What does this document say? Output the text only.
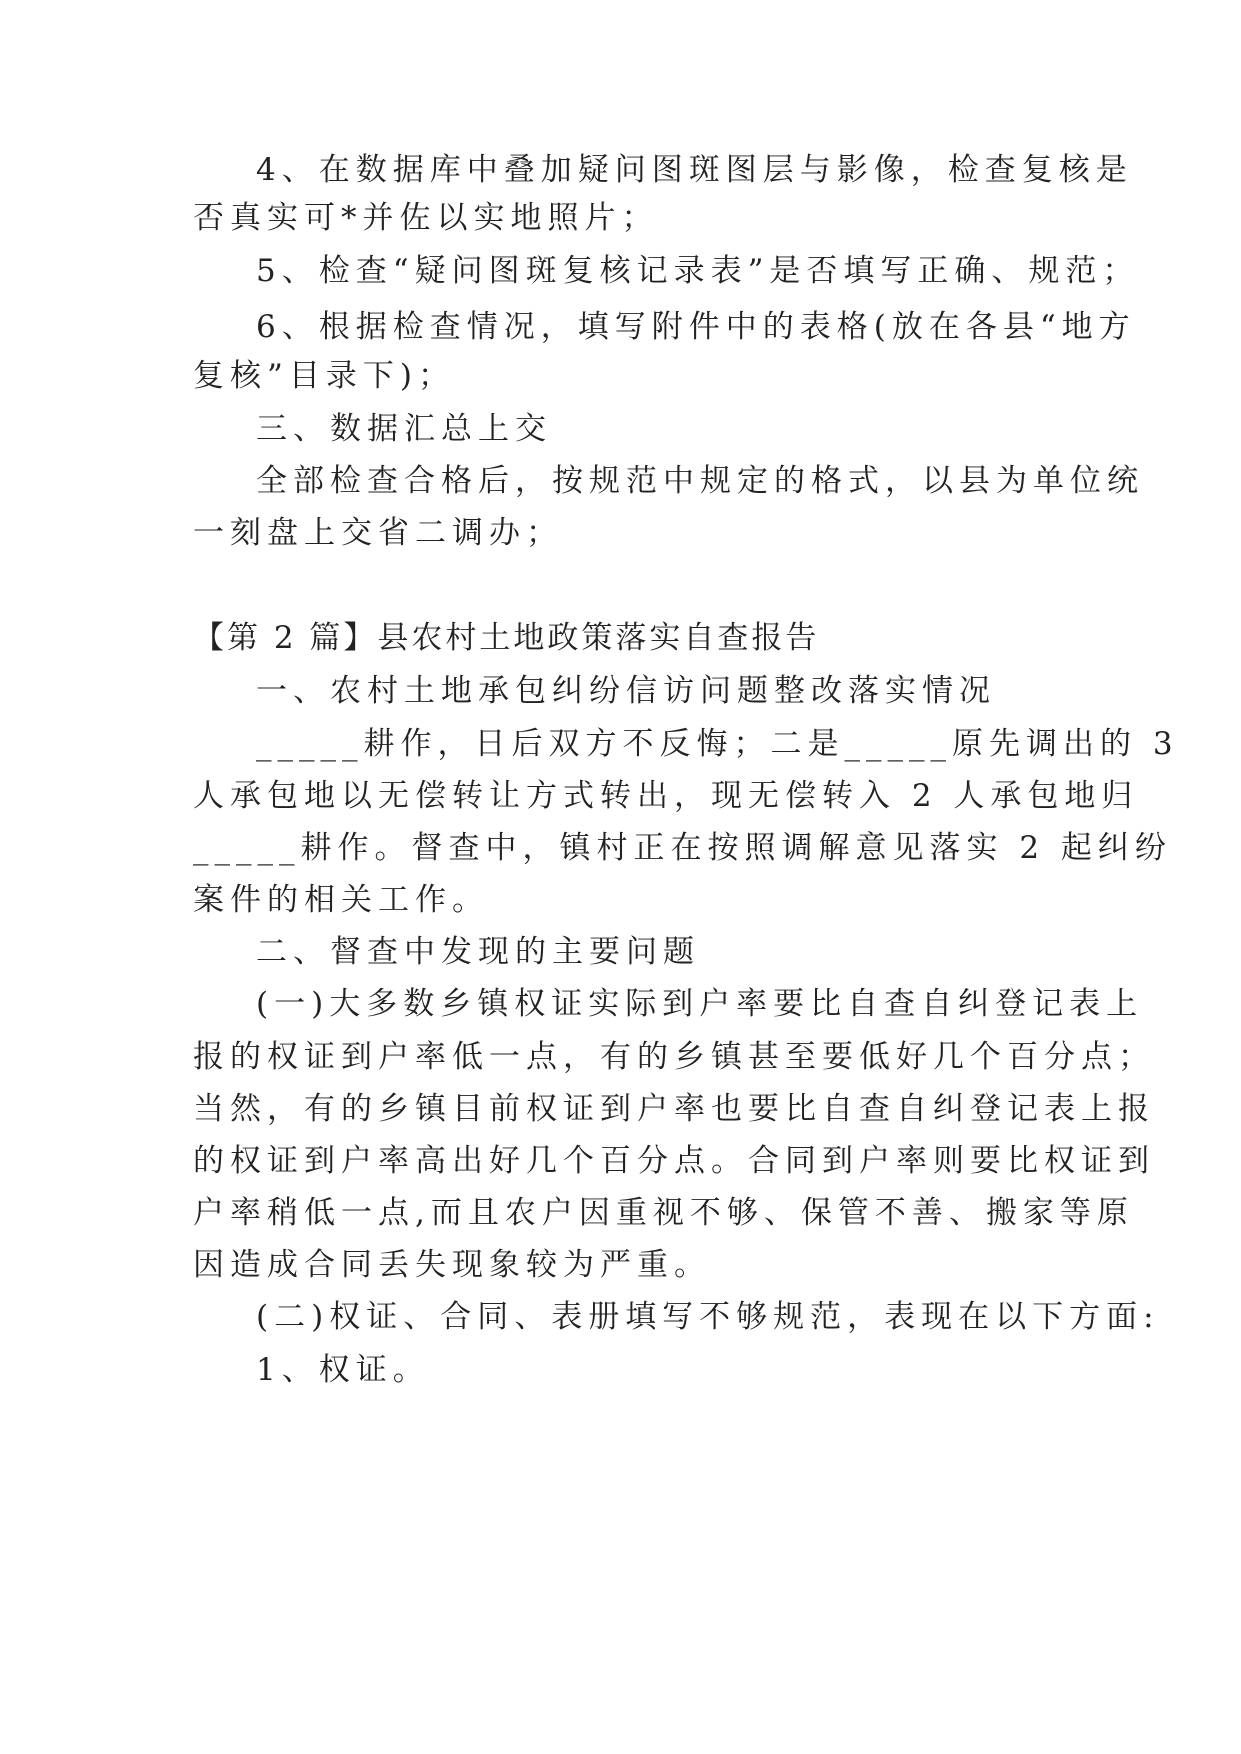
4、在数据库中叠加疑问图斑图层与影像，检查复核是
否真实可*并佐以实地照片；
5、检查“疑问图斑复核记录表”是否填写正确、规范；
6、根据检查情况，填写附件中的表格(放在各县“地方
复核”目录下)；
三、数据汇总上交
全部检查合格后，按规范中规定的格式，以县为单位统
一刻盘上交省二调办；
【第 2 篇】县农村土地政策落实自查报告
一、农村土地承包纠纷信访问题整改落实情况
_____耕作，日后双方不反悔；二是_____原先调出的 3
人承包地以无偿转让方式转出，现无偿转入 2 人承包地归
_____耕作。督查中，镇村正在按照调解意见落实 2 起纠纷
案件的相关工作。
二、督查中发现的主要问题
(一)大多数乡镇权证实际到户率要比自查自纠登记表上
报的权证到户率低一点，有的乡镇甚至要低好几个百分点；
当然，有的乡镇目前权证到户率也要比自查自纠登记表上报
的权证到户率高出好几个百分点。合同到户率则要比权证到
户率稍低一点,而且农户因重视不够、保管不善、搬家等原
因造成合同丢失现象较为严重。
(二)权证、合同、表册填写不够规范，表现在以下方面:
1、权证。
